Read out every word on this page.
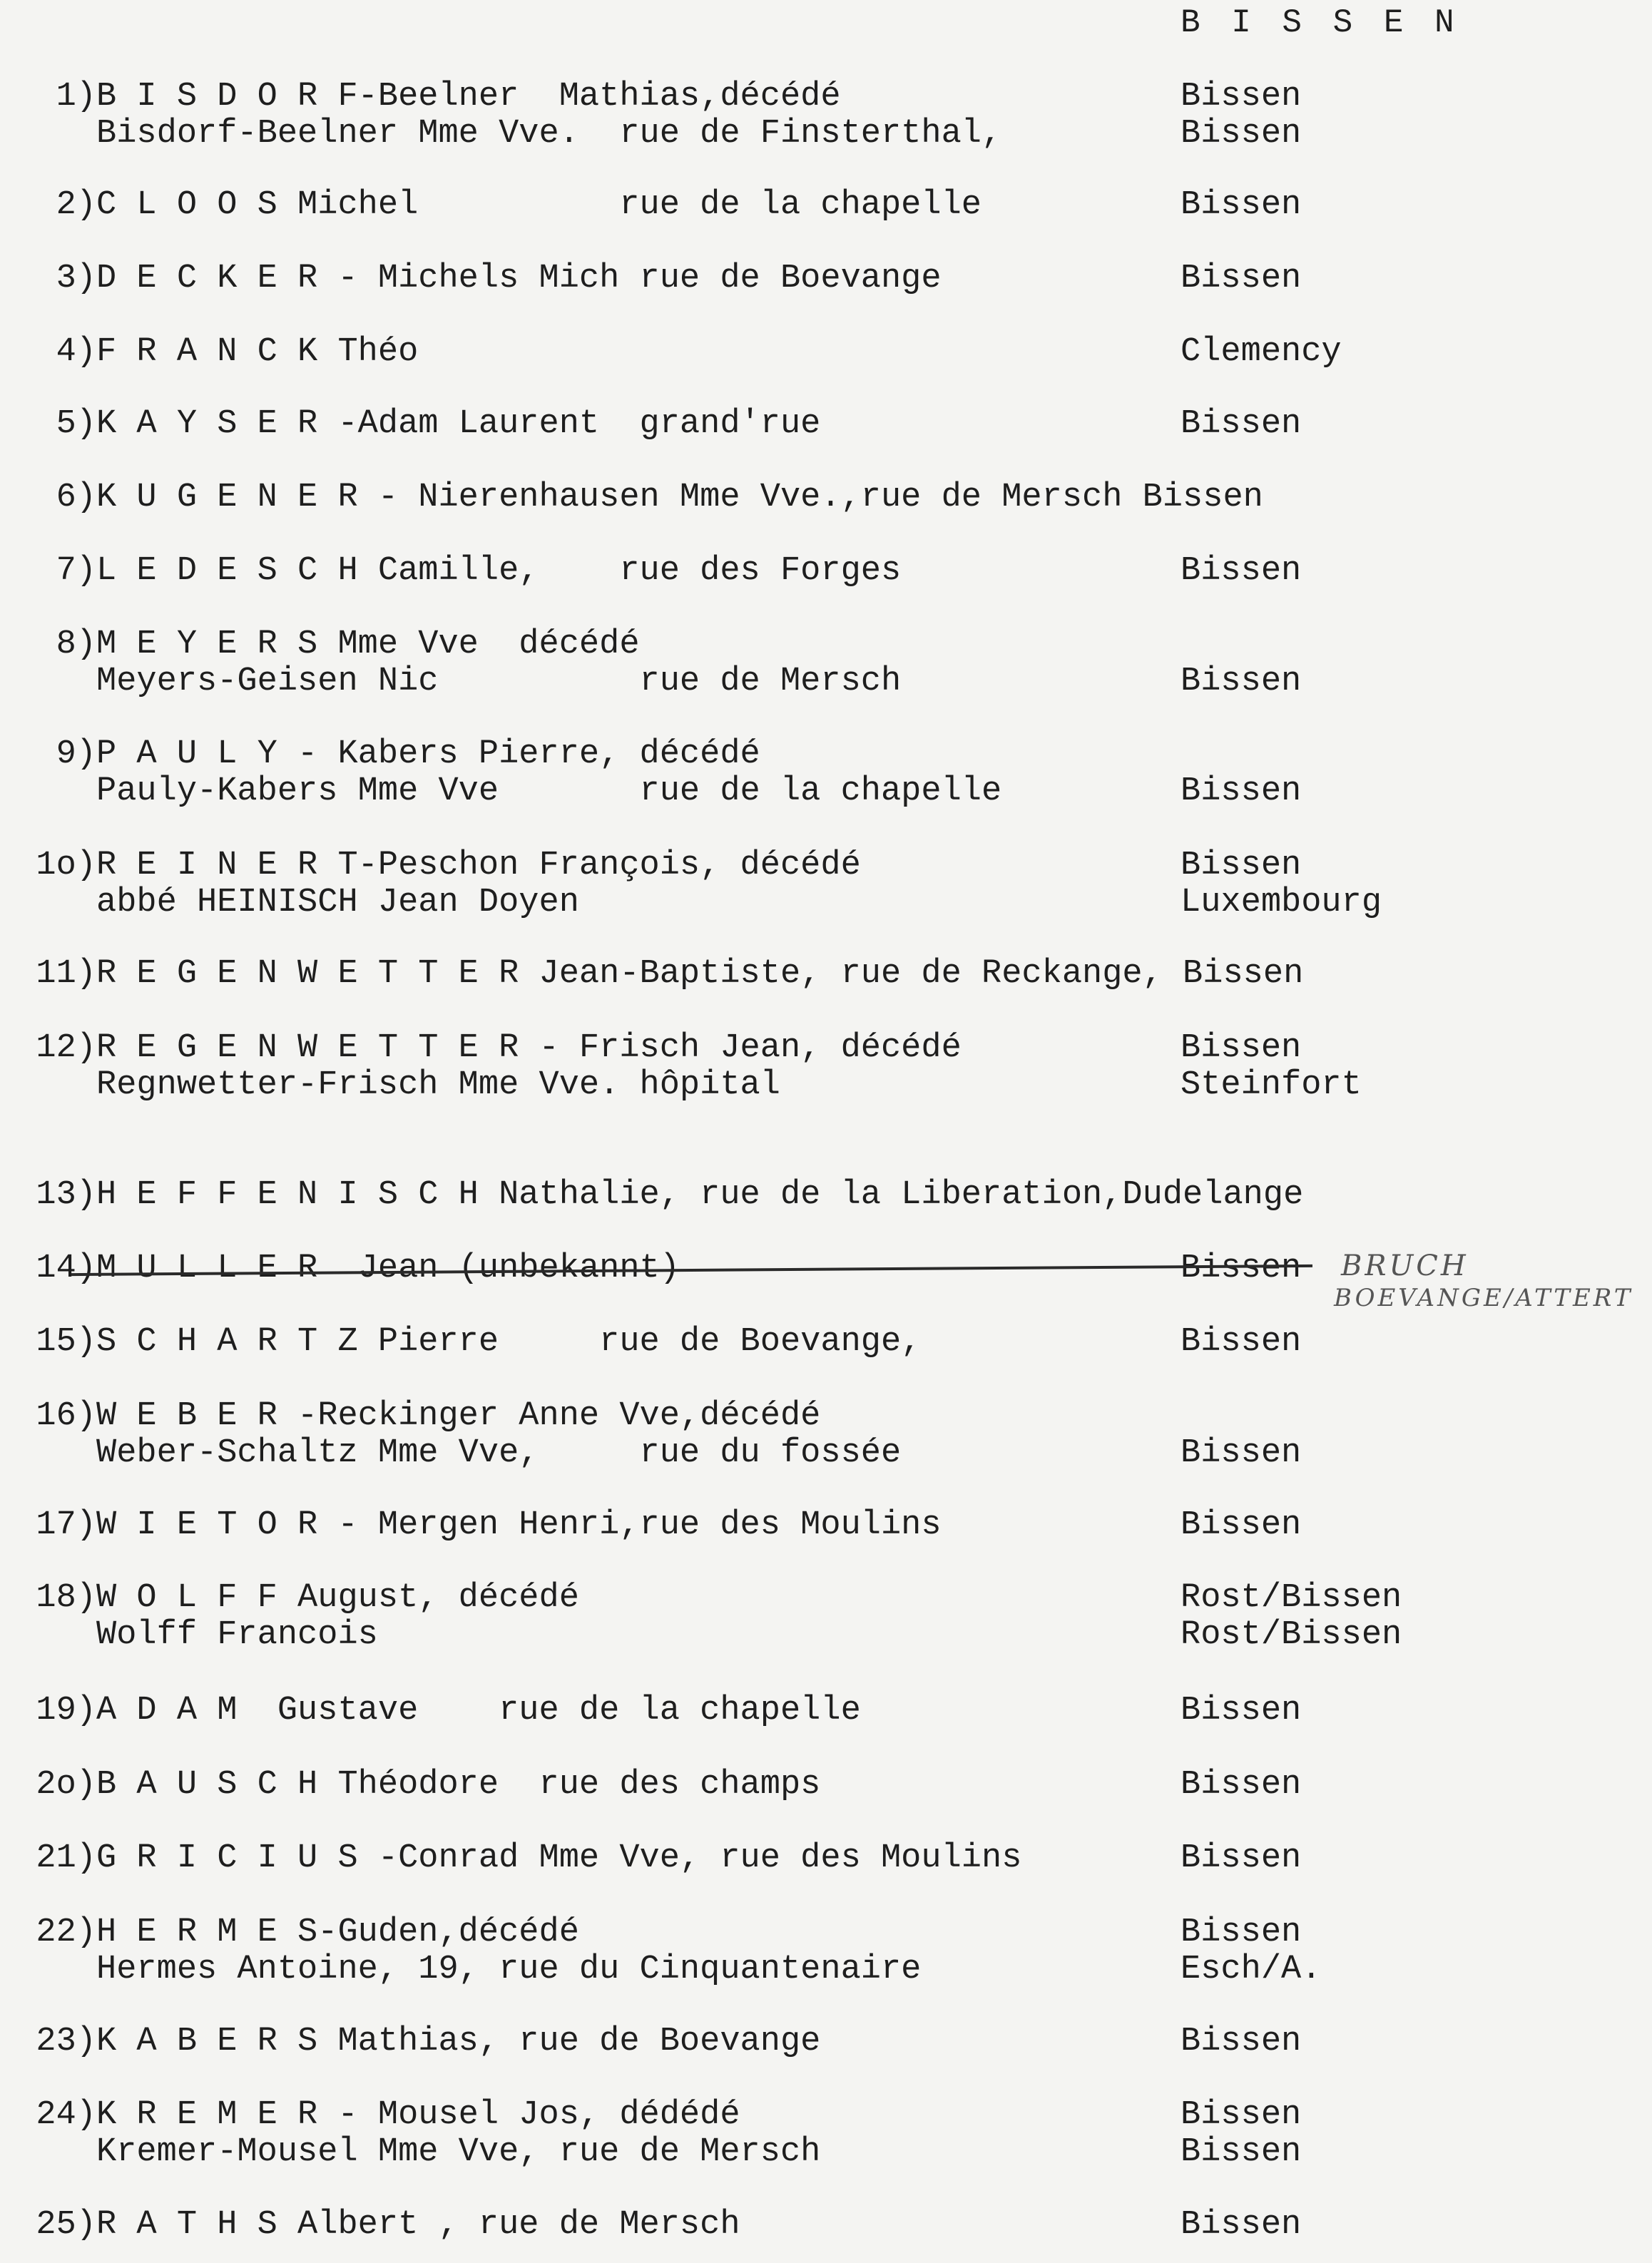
B I S S E N
1) B I S D O R F-Beelner  Mathias,décédé	Bissen
Bisdorf-Beelner Mme Vve.  rue de Finsterthal,	Bissen
2) C L O O S Michel          rue de la chapelle	Bissen
3) D E C K E R - Michels Mich rue de Boevange	Bissen
4) F R A N C K Théo	Clemency
5) K A Y S E R -Adam Laurent  grand'rue	Bissen
6) K U G E N E R - Nierenhausen Mme Vve.,rue de Mersch Bissen
7) L E D E S C H Camille,    rue des Forges	Bissen
8) M E Y E R S Mme Vve  décédé
Meyers-Geisen Nic          rue de Mersch	Bissen
9) P A U L Y - Kabers Pierre, décédé
Pauly-Kabers Mme Vve       rue de la chapelle	Bissen
1o) R E I N E R T-Peschon François, décédé	Bissen
abbé HEINISCH Jean Doyen	Luxembourg
11) R E G E N W E T T E R Jean-Baptiste, rue de Reckange, Bissen
12) R E G E N W E T T E R - Frisch Jean, décédé	Bissen
Regnwetter-Frisch Mme Vve. hôpital	Steinfort
13) H E F F E N I S C H Nathalie, rue de la Liberation,Dudelange
14) M U L L E R  Jean (unbekannt)	Bissen
15) S C H A R T Z Pierre     rue de Boevange,	Bissen
16) W E B E R -Reckinger Anne Vve,décédé
Weber-Schaltz Mme Vve,     rue du fossée	Bissen
17) W I E T O R - Mergen Henri,rue des Moulins	Bissen
18) W O L F F August, décédé	Rost/Bissen
Wolff Francois	Rost/Bissen
19) A D A M  Gustave    rue de la chapelle	Bissen
2o) B A U S C H Théodore  rue des champs	Bissen
21) G R I C I U S -Conrad Mme Vve, rue des Moulins	Bissen
22) H E R M E S-Guden,décédé	Bissen
Hermes Antoine, 19, rue du Cinquantenaire	Esch/A.
23) K A B E R S Mathias, rue de Boevange	Bissen
24) K R E M E R - Mousel Jos, dédédé	Bissen
Kremer-Mousel Mme Vve, rue de Mersch	Bissen
25) R A T H S Albert , rue de Mersch	Bissen
BRUCH
BOEVANGE/ATTERT
